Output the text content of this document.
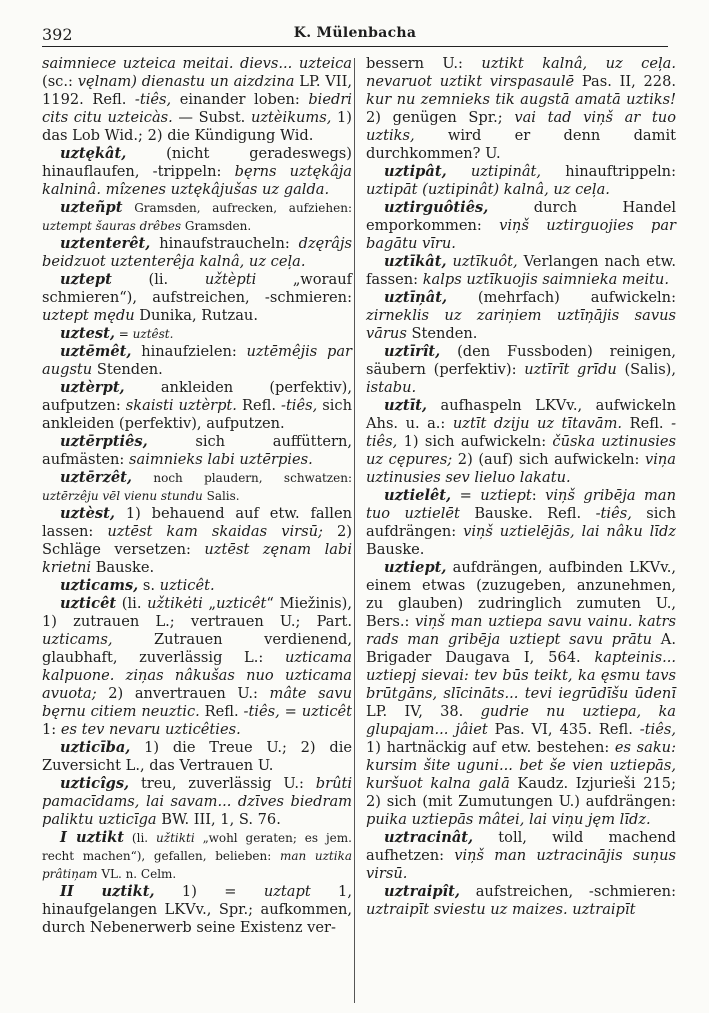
392	K. Mülenbacha

saimniece uzteica meitai. dievs... uzteica (sc.: vęlnam) dienastu un aizdzina LP. VII, 1192. Refl. -tiês, einander loben: biedri cits citu uzteicàs. — Subst. uztèikums, 1) das Lob Wid.; 2) die Kündigung Wid.

uztękât, (nicht geradeswegs) hinauflaufen, -trippeln: bęrns uztękâja kalninâ. mîzenes uztękâjušas uz galda.

uzteñpt Gramsden, aufrecken, aufziehen: uztempt šauras drêbes Gramsden.

uztenterêt, hinaufstraucheln: dzęrâjs beidzuot uztenterêja kalnâ, uz ceļa.

uztept (li. užtèpti „worauf schmieren“), aufstreichen, -schmieren: uztept mędu Dunika, Rutzau.

uztest, = uztêst.

uztēmêt, hinaufzielen: uztēmêjis par augstu Stenden.

uztèrpt, ankleiden (perfektiv), aufputzen: skaisti uztèrpt. Refl. -tiês, sich ankleiden (perfektiv), aufputzen.

uztērptiês, sich auffüttern, aufmästen: saimnieks labi uztērpies.

uztērzêt, noch plaudern, schwatzen: uztērzêju vēl vienu stundu Salis.

uztèst, 1) behauend auf etw. fallen lassen: uztēst kam skaidas virsū; 2) Schläge versetzen: uztēst zęnam labi krietni Bauske.

uzticams, s. uzticêt.

uzticêt (li. užtikėti „uzticêt“ Miežinis), 1) zutrauen L.; vertrauen U.; Part. uzticams, Zutrauen verdienend, glaubhaft, zuverlässig L.: uzticama kalpuone. ziņas nâkušas nuo uzticama avuota; 2) anvertrauen U.: mâte savu bęrnu citiem neuztic. Refl. -tiês, = uzticêt 1: es tev nevaru uzticêties.

uzticība, 1) die Treue U.; 2) die Zuversicht L., das Vertrauen U.

uzticîgs, treu, zuverlässig U.: brûti pamacīdams, lai savam... dzīves biedram paliktu uzticīga BW. III, 1, S. 76.

I uztikt (li. užtikti „wohl geraten; es jem. recht machen“), gefallen, belieben: man uztika prâtiņam VL. n. Celm.

II uztikt, 1) = uztapt 1, hinaufgelangen LKVv., Spr.; aufkommen, durch Nebenerwerb seine Existenz ver-

bessern U.: uztikt kalnâ, uz ceļa. nevaruot uztikt virspasaulē Pas. II, 228. kur nu zemnieks tik augstā amatā uztiks! 2) genügen Spr.; vai tad viņš ar tuo uztiks, wird er denn damit durchkommen? U.

uztipât, uztipinât, hinauftrippeln: uztipāt (uztipinât) kalnâ, uz ceļa.

uztirguôtiês, durch Handel emporkommen: viņš uztirguojies par bagātu vīru.

uztīkât, uztīkuôt, Verlangen nach etw. fassen: kalps uztīkuojis saimnieka meitu.

uztīņât, (mehrfach) aufwickeln: zirneklis uz zariņiem uztīņājis savus vārus Stenden.

uztīrît, (den Fussboden) reinigen, säubern (perfektiv): uztīrīt grīdu (Salis), istabu.

uztīt, aufhaspeln LKVv., aufwickeln Ahs. u. a.: uztīt dziju uz tītavām. Refl. -tiês, 1) sich aufwickeln: čūska uztinusies uz cępures; 2) (auf) sich aufwickeln: viņa uztinusies sev lieluo lakatu.

uztielêt, = uztiept: viņš gribēja man tuo uztielēt Bauske. Refl. -tiês, sich aufdrängen: viņš uztielējās, lai nâku līdz Bauske.

uztiept, aufdrängen, aufbinden LKVv., einem etwas (zuzugeben, anzunehmen, zu glauben) zudringlich zumuten U., Bers.: viņš man uztiepa savu vainu. katrs rads man gribēja uztiept savu prātu A. Brigader Daugava I, 564. kapteinis... uztiepj sievai: tev būs teikt, ka ęsmu tavs brūtgāns, slīcināts... tevi iegrūdīšu ūdenī LP. IV, 38. gudrie nu uztiepa, ka glupajam... jâiet Pas. VI, 435. Refl. -tiês, 1) hartnäckig auf etw. bestehen: es saku: kursim šite uguni... bet še vien uztiepās, kuršuot kalna galā Kaudz. Izjurieši 215; 2) sich (mit Zumutungen U.) aufdrängen: puika uztiepās mâtei, lai viņu jęm līdz.

uztracinât, toll, wild machend aufhetzen: viņš man uztracinājis suņus virsū.

uztraipît, aufstreichen, -schmieren: uztraipīt sviestu uz maizes. uztraipīt
